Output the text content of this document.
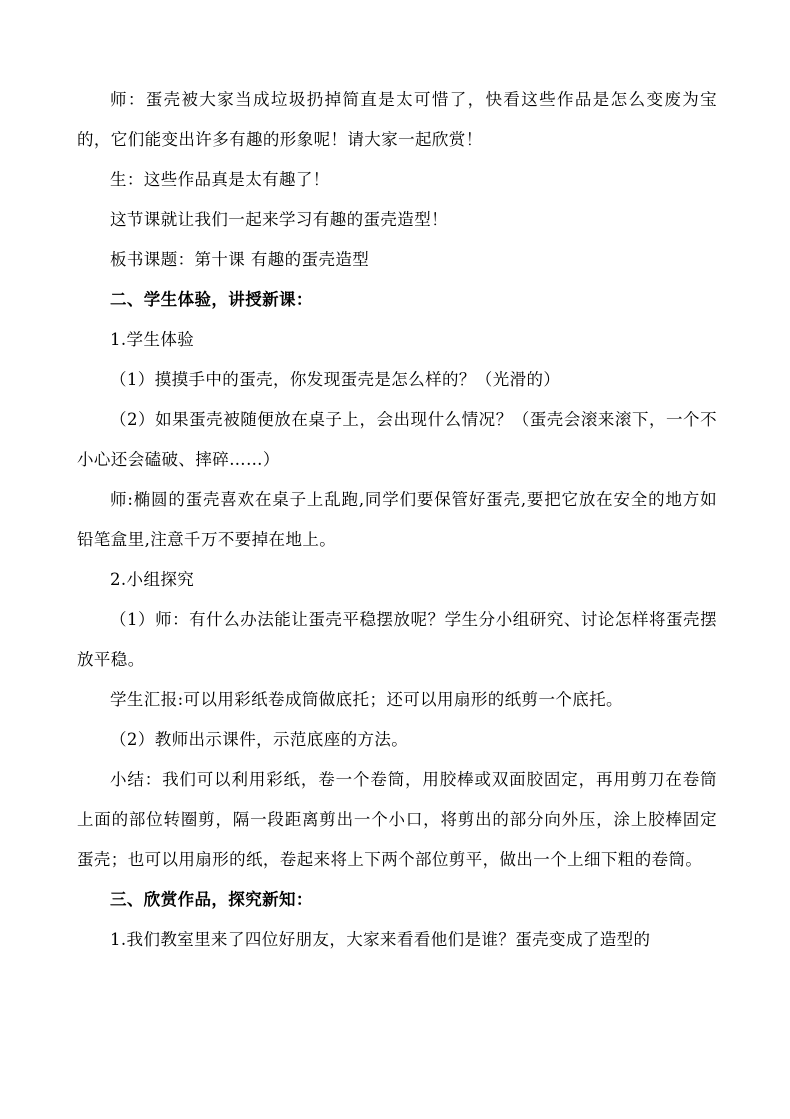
师：蛋壳被大家当成垃圾扔掉简直是太可惜了，快看这些作品是怎么变废为宝的，它们能变出许多有趣的形象呢！请大家一起欣赏！

生：这些作品真是太有趣了！

这节课就让我们一起来学习有趣的蛋壳造型！

板书课题：第十课 有趣的蛋壳造型

二、学生体验，讲授新课：

1.学生体验

（1）摸摸手中的蛋壳，你发现蛋壳是怎么样的？（光滑的）

（2）如果蛋壳被随便放在桌子上，会出现什么情况？（蛋壳会滚来滚下，一个不小心还会磕破、摔碎……）

师:椭圆的蛋壳喜欢在桌子上乱跑,同学们要保管好蛋壳,要把它放在安全的地方如铅笔盒里,注意千万不要掉在地上。

2.小组探究

（1）师：有什么办法能让蛋壳平稳摆放呢？学生分小组研究、讨论怎样将蛋壳摆放平稳。

学生汇报:可以用彩纸卷成筒做底托；还可以用扇形的纸剪一个底托。

（2）教师出示课件，示范底座的方法。

小结：我们可以利用彩纸，卷一个卷筒，用胶棒或双面胶固定，再用剪刀在卷筒上面的部位转圈剪，隔一段距离剪出一个小口，将剪出的部分向外压，涂上胶棒固定蛋壳；也可以用扇形的纸，卷起来将上下两个部位剪平，做出一个上细下粗的卷筒。

三、欣赏作品，探究新知：

1.我们教室里来了四位好朋友，大家来看看他们是谁？蛋壳变成了造型的
